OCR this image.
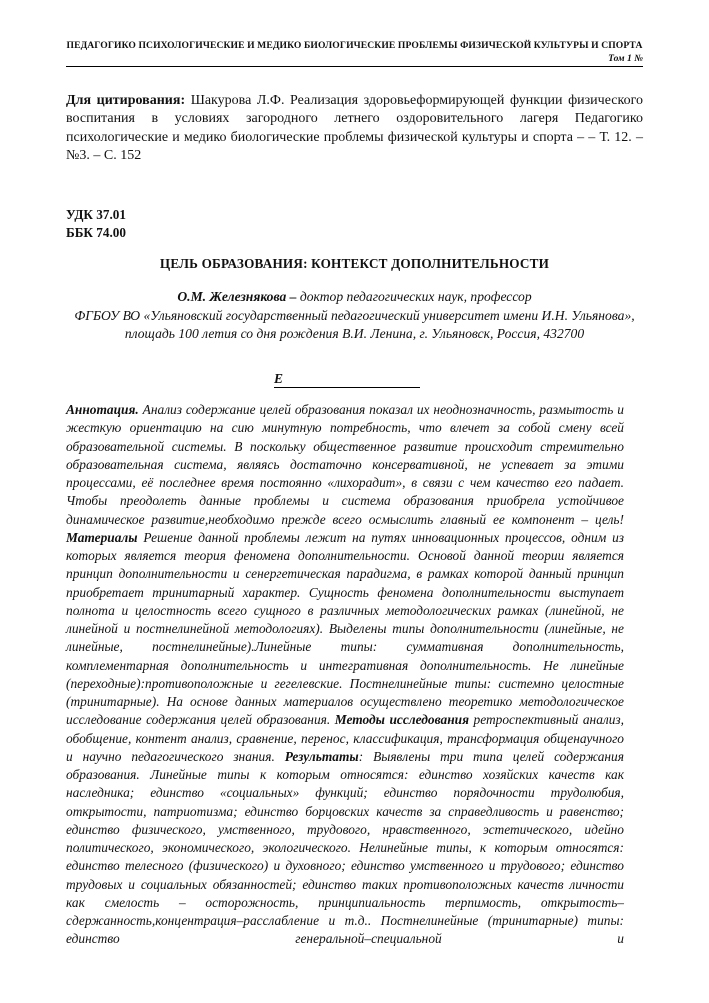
ПЕДАГОГИКО ПСИХОЛОГИЧЕСКИЕ И МЕДИКО БИОЛОГИЧЕСКИЕ ПРОБЛЕМЫ ФИЗИЧЕСКОЙ КУЛЬТУРЫ И СПОРТА
Том 1 №
Для цитирования: Шакурова Л.Ф. Реализация здоровьеформирующей функции физического воспитания в условиях загородного летнего оздоровительного лагеря Педагогико психологические и медико биологические проблемы физической культуры и спорта – – Т. 12. – №3. – С. 152
УДК 37.01
ББК 74.00
ЦЕЛЬ ОБРАЗОВАНИЯ: КОНТЕКСТ ДОПОЛНИТЕЛЬНОСТИ
О.М. Железнякова – доктор педагогических наук, профессор
ФГБОУ ВО «Ульяновский государственный педагогический университет имени И.Н. Ульянова»,
площадь 100 летия со дня рождения В.И. Ленина, г. Ульяновск, Россия, 432700
E
Аннотация. Анализ содержание целей образования показал их неоднозначность, размытость и жесткую ориентацию на сию минутную потребность, что влечет за собой смену всей образовательной системы. В поскольку общественное развитие происходит стремительно образовательная система, являясь достаточно консервативной, не успевает за этими процессами, её последнее время постоянно «лихорадит», в связи с чем качество его падает. Чтобы преодолеть данные проблемы и система образования приобрела устойчивое динамическое развитие,необходимо прежде всего осмыслить главный ее компонент – цель! Материалы Решение данной проблемы лежит на путях инновационных процессов, одним из которых является теория феномена дополнительности. Основой данной теории является принцип дополнительности и сенергетическая парадигма, в рамках которой данный принцип приобретает тринитарный характер. Сущность феномена дополнительности выступает полнота и целостность всего сущного в различных методологических рамках (линейной, не линейной и постнелинейной методологиях). Выделены типы дополнительности (линейные, не линейные, постнелинейные).Линейные типы: суммативная дополнительность, комплементарная дополнительность и интегративная дополнительность. Не линейные (переходные):противоположные и гегелевские. Постнелинейные типы: системно целостные (тринитарные). На основе данных материалов осуществлено теоретико методологическое исследование содержания целей образования. Методы исследования ретроспективный анализ, обобщение, контент анализ, сравнение, перенос, классификация, трансформация общенаучного и научно педагогического знания. Результаты: Выявлены три типа целей содержания образования. Линейные типы к которым относятся: единство хозяйских качеств как наследника; единство «социальных» функций; единство порядочности трудолюбия, открытости, патриотизма; единство борцовских качеств за справедливость и равенство; единство физического, умственного, трудового, нравственного, эстетического, идейно политического, экономического, экологического. Нелинейные типы, к которым относятся: единство телесного (физического) и духовного; единство умственного и трудового; единство трудовых и социальных обязанностей; единство таких противоположных качеств личности как смелость – осторожность, принципиальность терпимость, открытость–сдержанность,концентрация–расслабление и т.д.. Постнелинейные (тринитарные) типы: единство генеральной–специальной и
